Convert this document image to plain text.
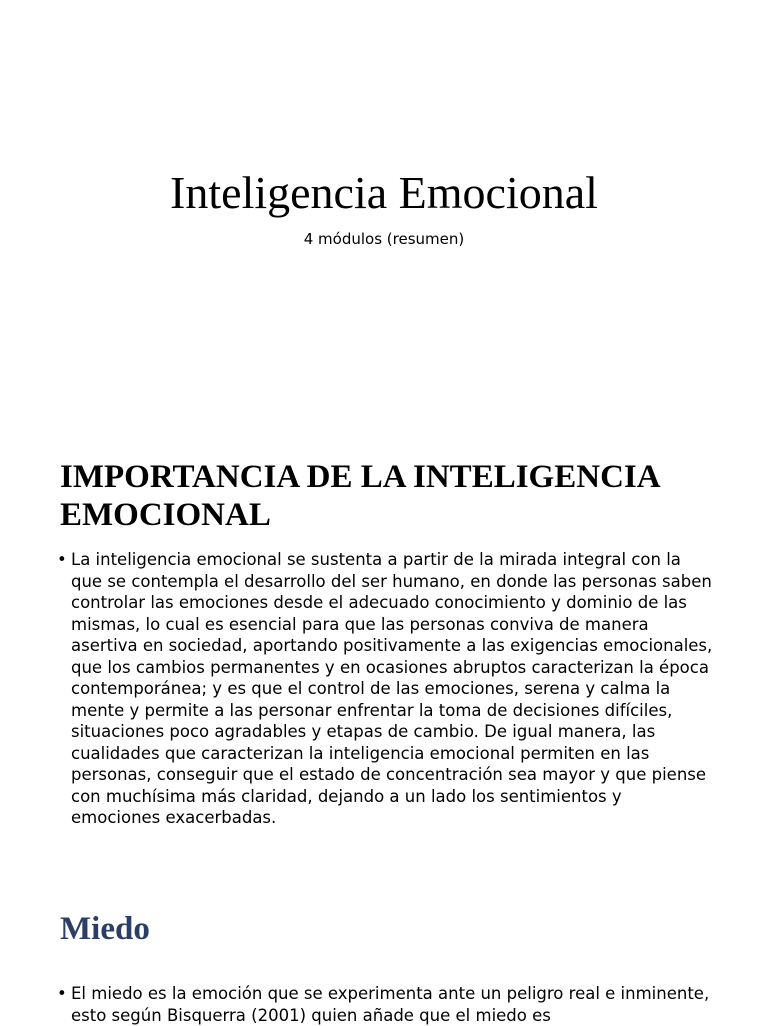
Inteligencia Emocional

4 módulos (resumen)

IMPORTANCIA DE LA INTELIGENCIA EMOCIONAL
• La inteligencia emocional se sustenta a partir de la mirada integral con la que se contempla el desarrollo del ser humano, en donde las personas saben controlar las emociones desde el adecuado conocimiento y dominio de las mismas, lo cual es esencial para que las personas conviva de manera asertiva en sociedad, aportando positivamente a las exigencias emocionales, que los cambios permanentes y en ocasiones abruptos caracterizan la época contemporánea; y es que el control de las emociones, serena y calma la mente y permite a las personar enfrentar la toma de decisiones difíciles, situaciones poco agradables y etapas de cambio. De igual manera, las cualidades que caracterizan la inteligencia emocional permiten en las personas, conseguir que el estado de concentración sea mayor y que piense con muchísima más claridad, dejando a un lado los sentimientos y emociones exacerbadas.
Miedo
• El miedo es la emoción que se experimenta ante un peligro real e inminente, esto según Bisquerra (2001) quien añade que el miedo es
